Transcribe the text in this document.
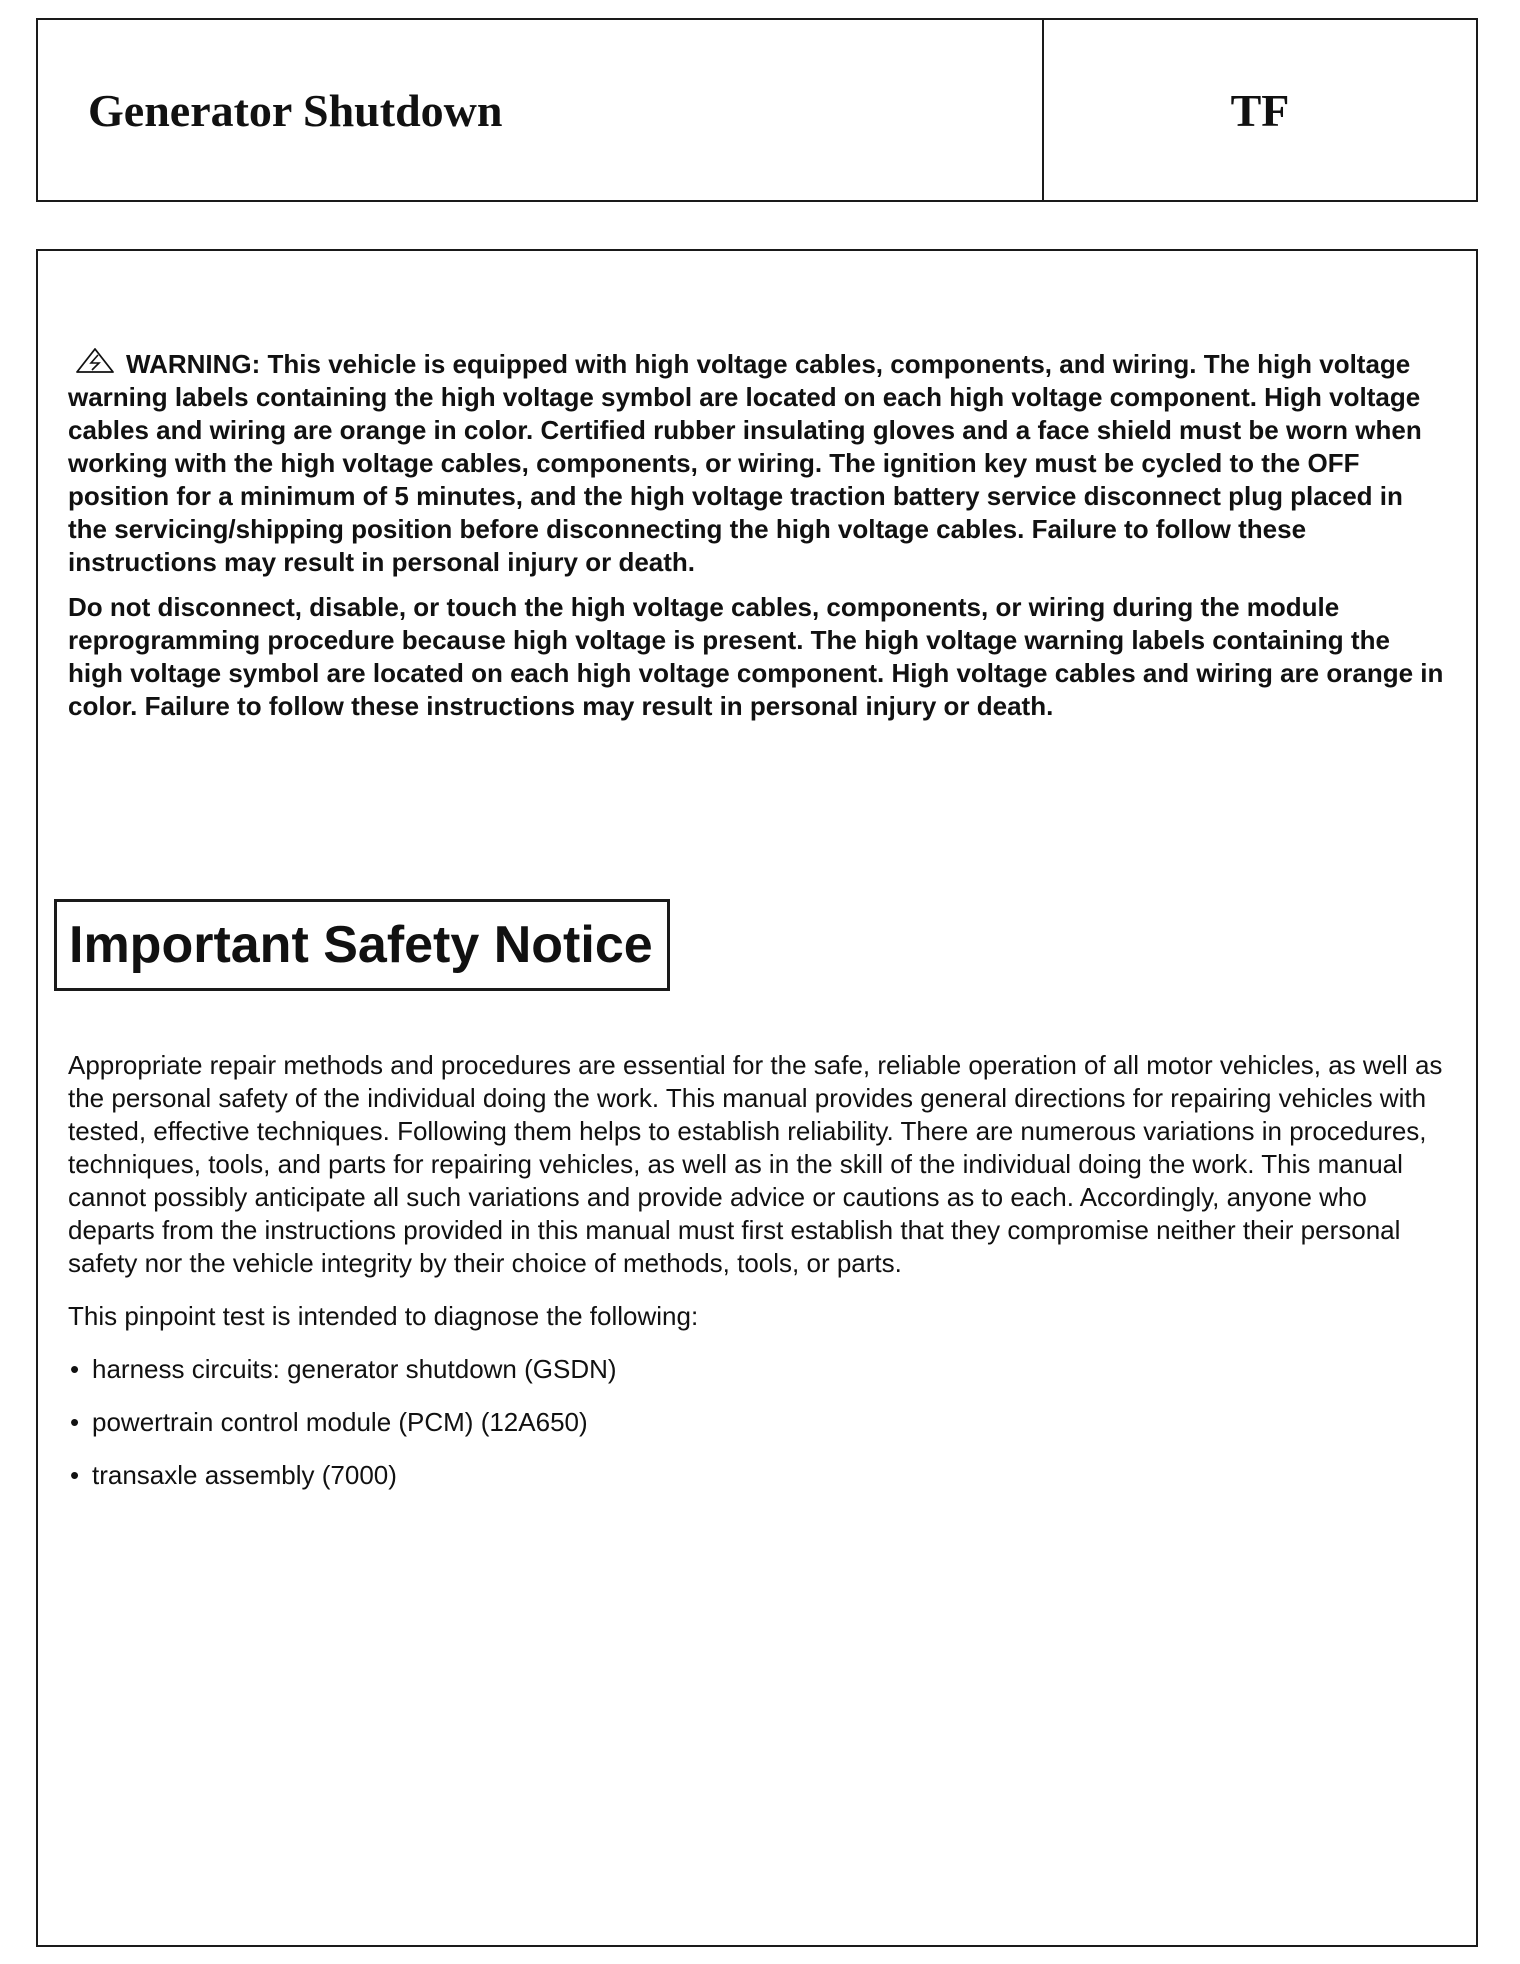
Generator Shutdown	TF

WARNING: This vehicle is equipped with high voltage cables, components, and wiring. The high voltage warning labels containing the high voltage symbol are located on each high voltage component. High voltage cables and wiring are orange in color. Certified rubber insulating gloves and a face shield must be worn when working with the high voltage cables, components, or wiring. The ignition key must be cycled to the OFF position for a minimum of 5 minutes, and the high voltage traction battery service disconnect plug placed in the servicing/shipping position before disconnecting the high voltage cables. Failure to follow these instructions may result in personal injury or death.

Do not disconnect, disable, or touch the high voltage cables, components, or wiring during the module reprogramming procedure because high voltage is present. The high voltage warning labels containing the high voltage symbol are located on each high voltage component. High voltage cables and wiring are orange in color. Failure to follow these instructions may result in personal injury or death.

Important Safety Notice

Appropriate repair methods and procedures are essential for the safe, reliable operation of all motor vehicles, as well as the personal safety of the individual doing the work. This manual provides general directions for repairing vehicles with tested, effective techniques. Following them helps to establish reliability. There are numerous variations in procedures, techniques, tools, and parts for repairing vehicles, as well as in the skill of the individual doing the work. This manual cannot possibly anticipate all such variations and provide advice or cautions as to each. Accordingly, anyone who departs from the instructions provided in this manual must first establish that they compromise neither their personal safety nor the vehicle integrity by their choice of methods, tools, or parts.

This pinpoint test is intended to diagnose the following:

• harness circuits: generator shutdown (GSDN)
• powertrain control module (PCM) (12A650)
• transaxle assembly (7000)
